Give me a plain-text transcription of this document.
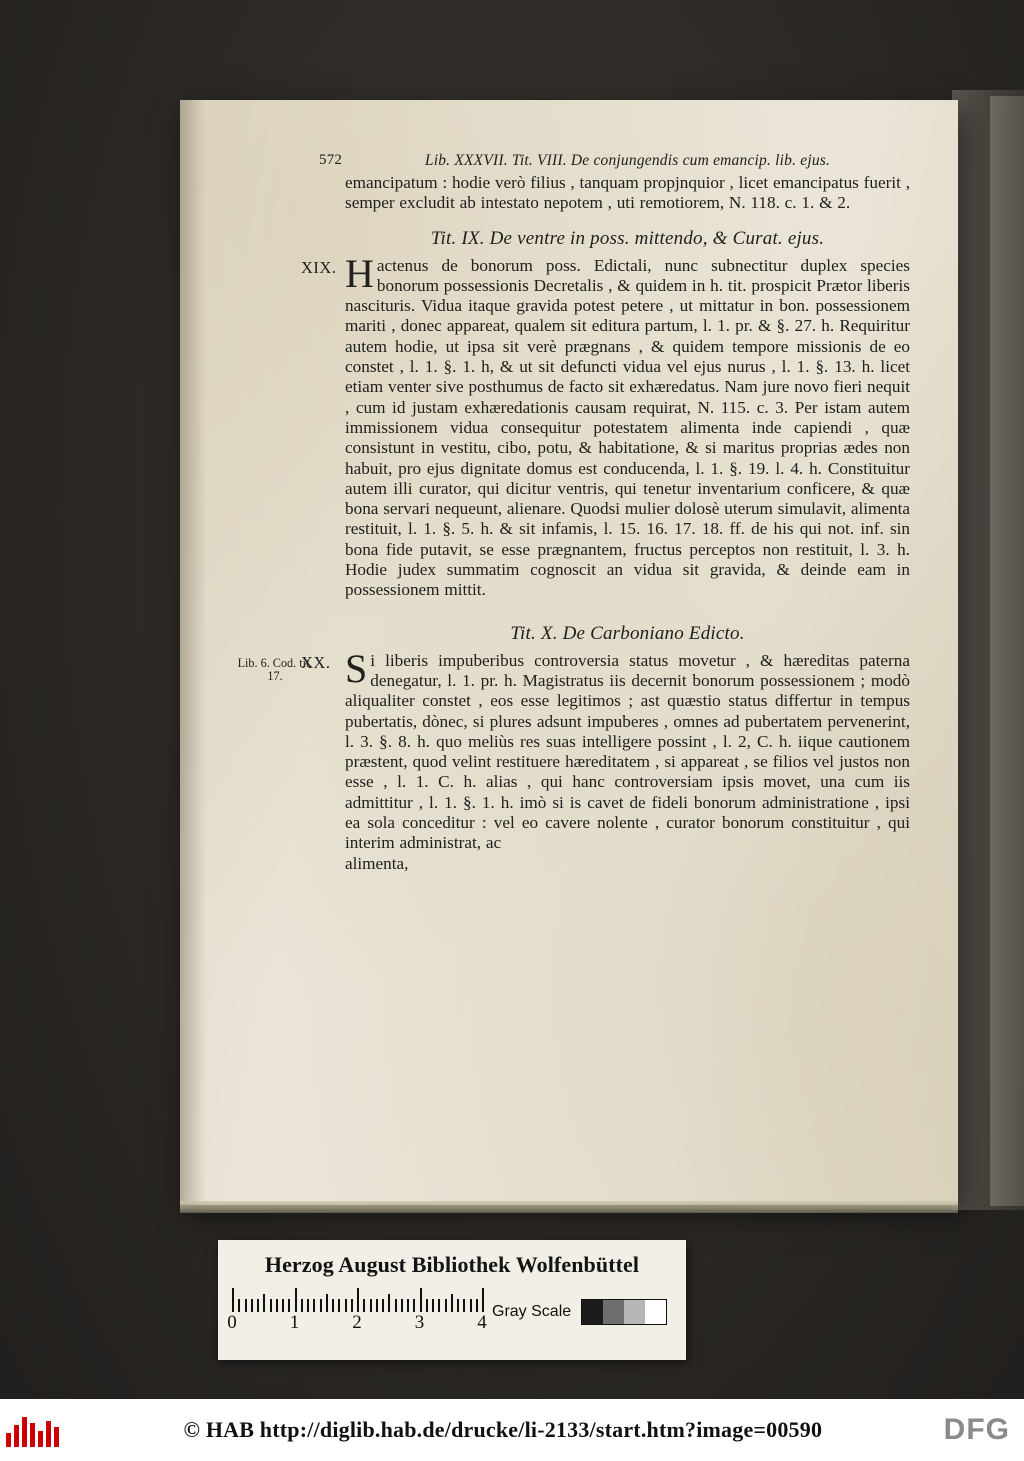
572	Lib. XXXVII. Tit. VIII. De conjungendis cum emancip. lib. ejus.

emancipatum : hodie verò filius , tanquam propjnquior , licet emancipatus fuerit , semper excludit ab intestato nepotem , uti remotiorem, N. 118. c. 1. & 2.

Tit. IX. De ventre in poss. mittendo, & Curat. ejus.
XIX. H actenus de bonorum poss. Edictali, nunc subnectitur duplex species bonorum possessionis Decretalis , & quidem in h. tit. prospicit Prætor liberis nascituris. Vidua itaque gravida potest petere , ut mittatur in bon. possessionem mariti , donec appareat, qualem sit editura partum, l. 1. pr. & §. 27. h. Requiritur autem hodie, ut ipsa sit verè prægnans , & quidem tempore missionis de eo constet , l. 1. §. 1. h, & ut sit defuncti vidua vel ejus nurus , l. 1. §. 13. h. licet etiam venter sive posthumus de facto sit exhæredatus. Nam jure novo fieri nequit , cum id justam exhæredationis causam requirat, N. 115. c. 3. Per istam autem immissionem vidua consequitur potestatem alimenta inde capiendi , quæ consistunt in vestitu, cibo, potu, & habitatione, & si maritus proprias ædes non habuit, pro ejus dignitate domus est conducenda, l. 1. §. 19. l. 4. h. Constituitur autem illi curator, qui dicitur ventris, qui tenetur inventarium conficere, & quæ bona servari nequeunt, alienare. Quodsi mulier dolosè uterum simulavit, alimenta restituit, l. 1. §. 5. h. & sit infamis, l. 15. 16. 17. 18. ff. de his qui not. inf. sin bona fide putavit, se esse prægnantem, fructus perceptos non restituit, l. 3. h. Hodie judex summatim cognoscit an vidua sit gravida, & deinde eam in possessionem mittit.

Tit. X. De Carboniano Edicto.
XX.
Lib. 6. Cod. tit. 17.	S i liberis impuberibus controversia status movetur , & hæreditas paterna denegatur, l. 1. pr. h. Magistratus iis decernit bonorum possessionem ; modò aliqualiter constet , eos esse legitimos ; ast quæstio status differtur in tempus pubertatis, dònec, si plures adsunt impuberes , omnes ad pubertatem pervenerint, l. 3. §. 8. h. quo meliùs res suas intelligere possint , l. 2, C. h. iique cautionem præstent, quod velint restituere hæreditatem , si appareat , se filios vel justos non esse , l. 1. C. h. alias , qui hanc controversiam ipsis movet, una cum iis admittitur , l. 1. §. 1. h. imò si is cavet de fideli bonorum administratione , ipsi ea sola conceditur : vel eo cavere nolente , curator bonorum constituitur , qui interim administrat, ac

alimenta,

Herzog August Bibliothek Wolfenbüttel
0	1	2	3	4
Gray Scale
© HAB http://diglib.hab.de/drucke/li-2133/start.htm?image=00590	DFG
